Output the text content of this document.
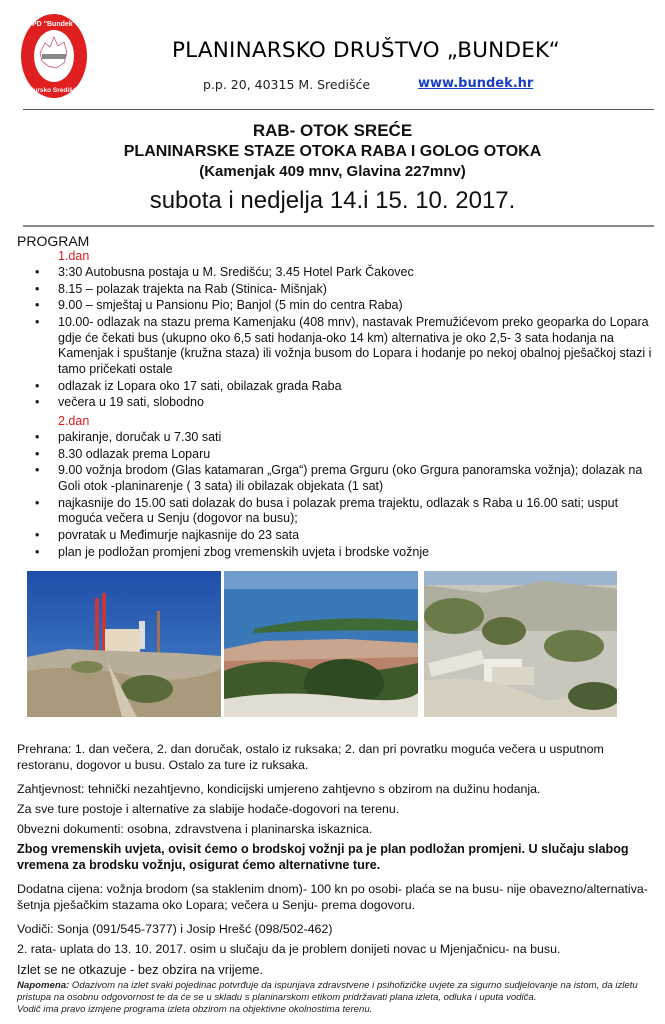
PD "Bundek"
Mursko Središće
PLANINARSKO DRUŠTVO „BUNDEK“
p.p. 20, 40315 M. Središće	www.bundek.hr
RAB- OTOK SREĆE
PLANINARSKE STAZE OTOKA RABA I GOLOG OTOKA
(Kamenjak 409 mnv, Glavina 227mnv)
subota i nedjelja 14.i 15. 10. 2017.
PROGRAM
1.dan
• 3:30 Autobusna postaja u M. Središću; 3.45 Hotel Park Čakovec
• 8.15 – polazak trajekta na Rab (Stinica- Mišnjak)
• 9.00 – smještaj u Pansionu Pio; Banjol (5 min do centra Raba)
• 10.00- odlazak na stazu prema Kamenjaku (408 mnv), nastavak Premužićevom preko geoparka do Lopara gdje će čekati bus (ukupno oko 6,5 sati hodanja-oko 14 km) alternativa je oko 2,5- 3 sata hodanja na Kamenjak i spuštanje (kružna staza) ili vožnja busom do Lopara i hodanje po nekoj obalnoj pješačkoj stazi i tamo pričekati ostale
• odlazak iz Lopara oko 17 sati, obilazak grada Raba
• večera u 19 sati, slobodno
2.dan
• pakiranje, doručak u 7.30 sati
• 8.30 odlazak prema Loparu
• 9.00 vožnja brodom (Glas katamaran „Grga“) prema Grguru (oko Grgura panoramska vožnja); dolazak na Goli otok -planinarenje ( 3 sata) ili obilazak objekata (1 sat)
• najkasnije do 15.00 sati dolazak do busa i polazak prema trajektu, odlazak s Raba u 16.00 sati; usput moguća večera u Senju (dogovor na busu);
• povratak u Međimurje najkasnije do 23 sata
• plan je podložan promjeni zbog vremenskih uvjeta i brodske vožnje
Prehrana: 1. dan večera, 2. dan doručak, ostalo iz ruksaka; 2. dan pri povratku moguća večera u usputnom restoranu, dogovor u busu. Ostalo za ture iz ruksaka.
Zahtjevnost: tehnički nezahtjevno, kondicijski umjereno zahtjevno s obzirom na dužinu hodanja.
Za sve ture postoje i alternative za slabije hodače-dogovori na terenu.
0bvezni dokumenti: osobna, zdravstvena i planinarska iskaznica.
Zbog vremenskih uvjeta, ovisit ćemo o brodskoj vožnji pa je plan podložan promjeni. U slučaju slabog vremena za brodsku vožnju, osigurat ćemo alternativne ture.
Dodatna cijena: vožnja brodom (sa staklenim dnom)- 100 kn po osobi- plaća se na busu- nije obavezno/alternativa- šetnja pješačkim stazama oko Lopara; večera u Senju- prema dogovoru.
Vodiči: Sonja (091/545-7377) i Josip Hrešć (098/502-462)
2. rata- uplata do 13. 10. 2017. osim u slučaju da je problem donijeti novac u Mjenjačnicu- na busu.
Izlet se ne otkazuje - bez obzira na vrijeme.
Napomena: Odazivom na izlet svaki pojedinac potvrđuje da ispunjava zdravstvene i psihofizičke uvjete za sigurno sudjelovanje na istom, da izletu pristupa na osobnu odgovornost te da će se u skladu s planinarskom etikom pridržavati plana izleta, odluka i uputa vodiča.
Vodič ima pravo izmjene programa izleta obzirom na objektivne okolnostima terenu.
